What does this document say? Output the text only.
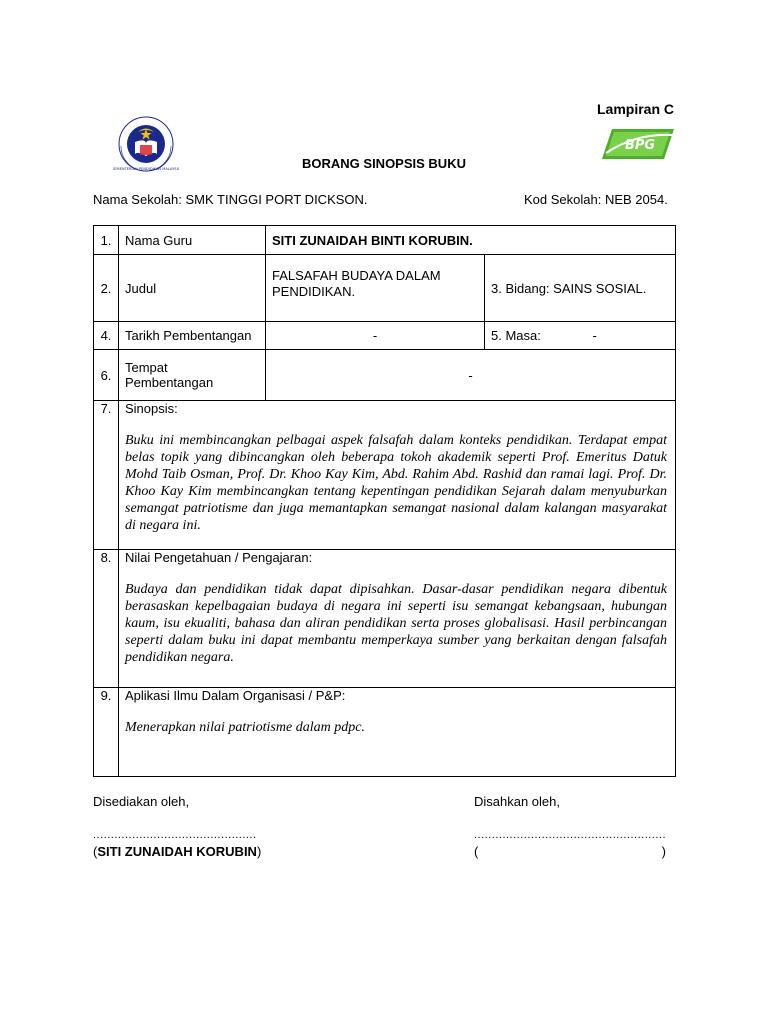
Lampiran C
KEMENTERIAN PENDIDIKAN MALAYSIA
BPG
BORANG SINOPSIS BUKU
Nama Sekolah: SMK TINGGI PORT DICKSON.	Kod Sekolah: NEB 2054.
1.	Nama Guru	SITI ZUNAIDAH BINTI KORUBIN.	
2.	Judul	FALSAFAH BUDAYA DALAM PENDIDIKAN.	3. Bidang: SAINS SOSIAL.
4.	Tarikh Pembentangan	-	5. Masa: -
6.	Tempat Pembentangan	-	
7.	Sinopsis:
Buku ini membincangkan pelbagai aspek falsafah dalam konteks pendidikan. Terdapat empat belas topik yang dibincangkan oleh beberapa tokoh akademik seperti Prof. Emeritus Datuk Mohd Taib Osman, Prof. Dr. Khoo Kay Kim, Abd. Rahim Abd. Rashid dan ramai lagi. Prof. Dr. Khoo Kay Kim membincangkan tentang kepentingan pendidikan Sejarah dalam menyuburkan semangat patriotisme dan juga memantapkan semangat nasional dalam kalangan masyarakat di negara ini.		

8.	Nilai Pengetahuan / Pengajaran:
Budaya dan pendidikan tidak dapat dipisahkan. Dasar-dasar pendidikan negara dibentuk berasaskan kepelbagaian budaya di negara ini seperti isu semangat kebangsaan, hubungan kaum, isu ekualiti, bahasa dan aliran pendidikan serta proses globalisasi. Hasil perbincangan seperti dalam buku ini dapat membantu memperkaya sumber yang berkaitan dengan falsafah pendidikan negara.		

9.	Aplikasi Ilmu Dalam Organisasi / P&P:
Menerapkan nilai patriotisme dalam pdpc.		
Disediakan oleh,	Disahkan oleh,
..............................................	......................................................
(SITI ZUNAIDAH KORUBIN)	(	)
